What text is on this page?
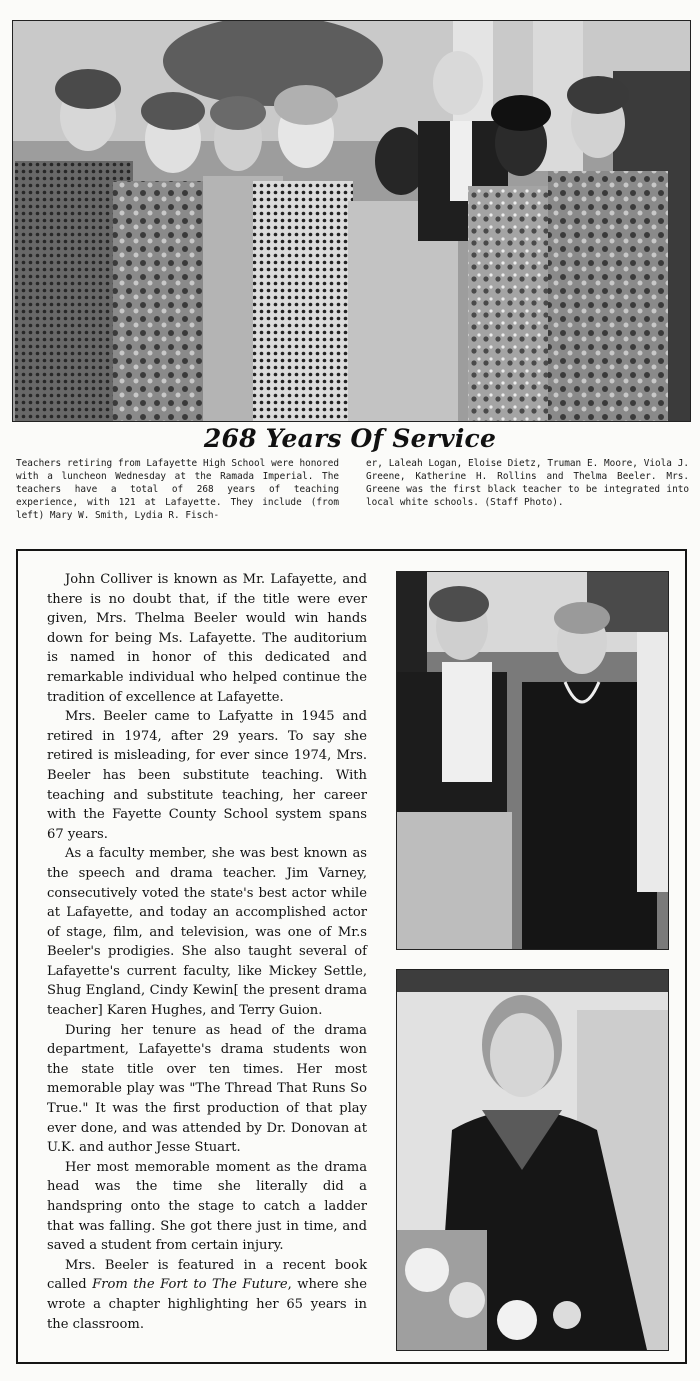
268 Years Of Service
Teachers retiring from Lafayette High School were honored with a luncheon Wednesday at the Ramada Imperial. The teachers have a total of 268 years of teaching experience, with 121 at Lafayette. They include (from left) Mary W. Smith, Lydia R. Fisch-
er, Laleah Logan, Eloise Dietz, Truman E. Moore, Viola J. Greene, Katherine H. Rollins and Thelma Beeler. Mrs. Greene was the first black teacher to be integrated into local white schools. (Staff Photo).

John Colliver is known as Mr. Lafayette, and there is no doubt that, if the title were ever given, Mrs. Thelma Beeler would win hands down for being Ms. Lafayette. The auditorium is named in honor of this dedicated and remarkable individual who helped continue the tradition of excellence at Lafayette.

Mrs. Beeler came to Lafyatte in 1945 and retired in 1974, after 29 years. To say she retired is misleading, for ever since 1974, Mrs. Beeler has been substitute teaching. With teaching and substitute teaching, her career with the Fayette County School system spans 67 years.

As a faculty member, she was best known as the speech and drama teacher. Jim Varney, consecutively voted the state's best actor while at Lafayette, and today an accomplished actor of stage, film, and television, was one of Mr.s Beeler's prodigies. She also taught several of Lafayette's current faculty, like Mickey Settle, Shug England, Cindy Kewin[ the present drama teacher] Karen Hughes, and Terry Guion.

During her tenure as head of the drama department, Lafayette's drama students won the state title over ten times. Her most memorable play was "The Thread That Runs So True." It was the first production of that play ever done, and was attended by Dr. Donovan at U.K. and author Jesse Stuart.

Her most memorable moment as the drama head was the time she literally did a handspring onto the stage to catch a ladder that was falling. She got there just in time, and saved a student from certain injury.

Mrs. Beeler is featured in a recent book called From the Fort to The Future, where she wrote a chapter highlighting her 65 years in the classroom.
